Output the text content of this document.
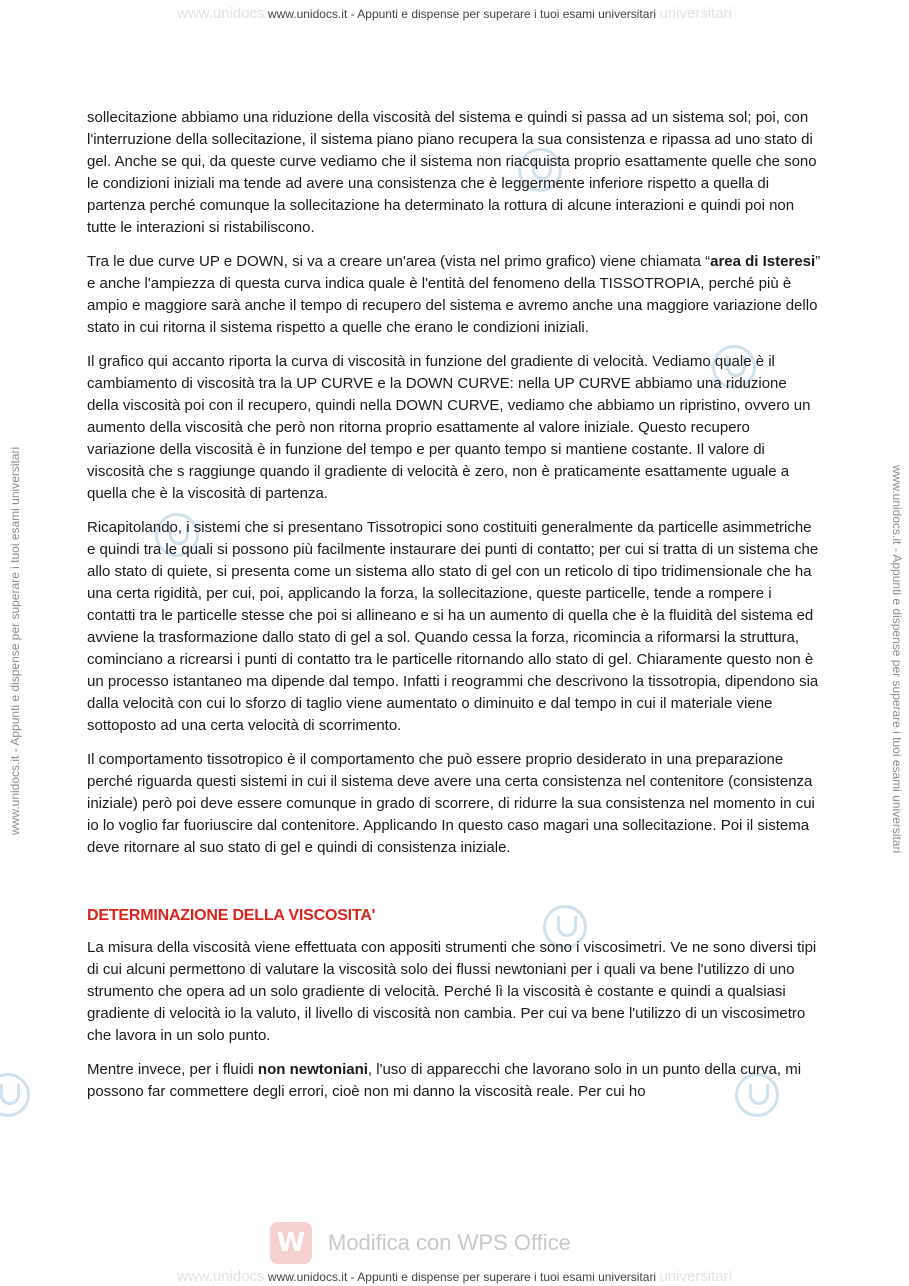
www.unidocs www.unidocs.it - Appunti e dispense per superare i tuoi esami universitari universitari
www.unidocs.it - Appunti e dispense per superare i tuoi esami universitari	www.unidocs.it - Appunti e dispense per superare i tuoi esami universitari

sollecitazione abbiamo una riduzione della viscosità del sistema e quindi si passa ad un sistema sol; poi, con l'interruzione della sollecitazione, il sistema piano piano recupera la sua consistenza e ripassa ad uno stato di gel. Anche se qui, da queste curve vediamo che il sistema non riacquista proprio esattamente quelle che sono le condizioni iniziali ma tende ad avere una consistenza che è leggermente inferiore rispetto a quella di partenza perché comunque la sollecitazione ha determinato la rottura di alcune interazioni e quindi poi non tutte le interazioni si ristabiliscono.

Tra le due curve UP e DOWN, si va a creare un'area (vista nel primo grafico) viene chiamata “area di Isteresi” e anche l'ampiezza di questa curva indica quale è l'entità del fenomeno della TISSOTROPIA, perché più è ampio e maggiore sarà anche il tempo di recupero del sistema e avremo anche una maggiore variazione dello stato in cui ritorna il sistema rispetto a quelle che erano le condizioni iniziali.

Il grafico qui accanto riporta la curva di viscosità in funzione del gradiente di velocità. Vediamo quale è il cambiamento di viscosità tra la UP CURVE e la DOWN CURVE: nella UP CURVE abbiamo una riduzione della viscosità poi con il recupero, quindi nella DOWN CURVE, vediamo che abbiamo un ripristino, ovvero un aumento della viscosità che però non ritorna proprio esattamente al valore iniziale. Questo recupero variazione della viscosità è in funzione del tempo e per quanto tempo si mantiene costante. Il valore di viscosità che s raggiunge quando il gradiente di velocità è zero, non è praticamente esattamente uguale a quella che è la viscosità di partenza.

Ricapitolando, i sistemi che si presentano Tissotropici sono costituiti generalmente da particelle asimmetriche e quindi tra le quali si possono più facilmente instaurare dei punti di contatto; per cui si tratta di un sistema che allo stato di quiete, si presenta come un sistema allo stato di gel con un reticolo di tipo tridimensionale che ha una certa rigidità, per cui, poi, applicando la forza, la sollecitazione, queste particelle, tende a rompere i contatti tra le particelle stesse che poi si allineano e si ha un aumento di quella che è la fluidità del sistema ed avviene la trasformazione dallo stato di gel a sol. Quando cessa la forza, ricomincia a riformarsi la struttura, cominciano a ricrearsi i punti di contatto tra le particelle ritornando allo stato di gel. Chiaramente questo non è un processo istantaneo ma dipende dal tempo. Infatti i reogrammi che descrivono la tissotropia, dipendono sia dalla velocità con cui lo sforzo di taglio viene aumentato o diminuito e dal tempo in cui il materiale viene sottoposto ad una certa velocità di scorrimento.

Il comportamento tissotropico è il comportamento che può essere proprio desiderato in una preparazione perché riguarda questi sistemi in cui il sistema deve avere una certa consistenza nel contenitore (consistenza iniziale) però poi deve essere comunque in grado di scorrere, di ridurre la sua consistenza nel momento in cui io lo voglio far fuoriuscire dal contenitore. Applicando In questo caso magari una sollecitazione. Poi il sistema deve ritornare al suo stato di gel e quindi di consistenza iniziale.

DETERMINAZIONE DELLA VISCOSITA'

La misura della viscosità viene effettuata con appositi strumenti che sono i viscosimetri. Ve ne sono diversi tipi di cui alcuni permettono di valutare la viscosità solo dei flussi newtoniani per i quali va bene l'utilizzo di uno strumento che opera ad un solo gradiente di velocità. Perché lì la viscosità è costante e quindi a qualsiasi gradiente di velocità io la valuto, il livello di viscosità non cambia. Per cui va bene l'utilizzo di un viscosimetro che lavora in un solo punto.

Mentre invece, per i fluidi non newtoniani, l'uso di apparecchi che lavorano solo in un punto della curva, mi possono far commettere degli errori, cioè non mi danno la viscosità reale. Per cui ho

W	Modifica con WPS Office
www.unidocs www.unidocs.it - Appunti e dispense per superare i tuoi esami universitari universitari
